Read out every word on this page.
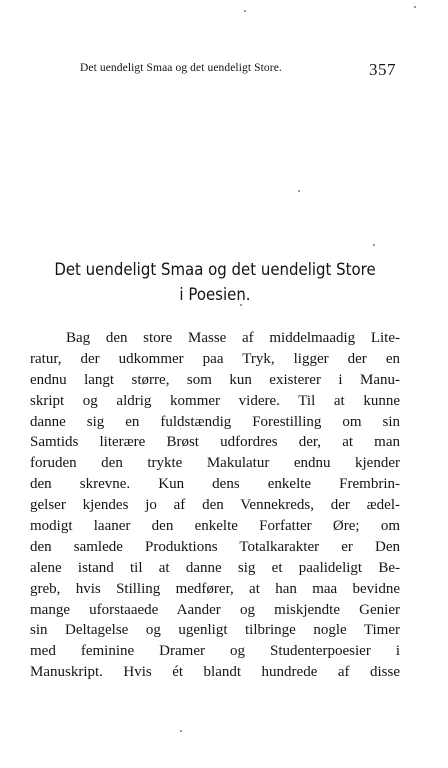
Det uendeligt Smaa og det uendeligt Store.	357
Det uendeligt Smaa og det uendeligt Store
i Poesien.
Bag den store Masse af middelmaadig Lite-
ratur, der udkommer paa Tryk, ligger der en
endnu langt større, som kun existerer i Manu-
skript og aldrig kommer videre. Til at kunne
danne sig en fuldstændig Forestilling om sin
Samtids literære Brøst udfordres der, at man
foruden den trykte Makulatur endnu kjender
den skrevne. Kun dens enkelte Frembrin-
gelser kjendes jo af den Vennekreds, der ædel-
modigt laaner den enkelte Forfatter Øre; om
den samlede Produktions Totalkarakter er Den
alene istand til at danne sig et paalideligt Be-
greb, hvis Stilling medfører, at han maa bevidne
mange uforstaaede Aander og miskjendte Genier
sin Deltagelse og ugenligt tilbringe nogle Timer
med feminine Dramer og Studenterpoesier i
Manuskript. Hvis ét blandt hundrede af disse
